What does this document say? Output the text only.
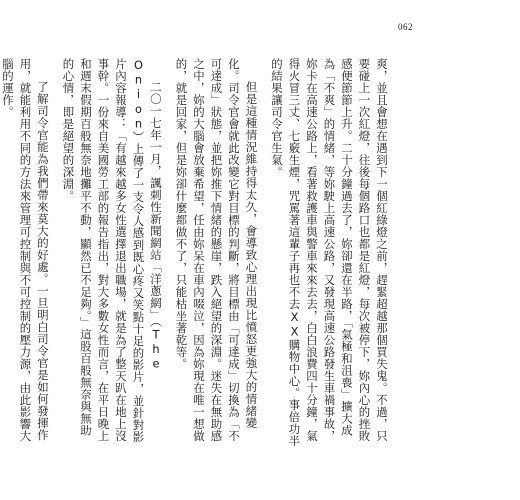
062

爽，並且會想在遇到下一個紅綠燈之前，趕緊超越那個買失鬼。不過，只要碰上一次紅燈，往後每個路口也都是紅燈，每次被停下，妳內心的挫敗感便節節上升。二十分鐘過去了，妳卻還在半路，「氣極和沮喪」擴大成為「不爽」的情緒，等妳駛上高速公路，又發現高速公路發生車禍事故，妳卡在高速公路上，看著救護車與警車來來去去，白白浪費四十分鐘，氣得火冒三丈、七竅生煙，咒罵著這輩子再也不去XX購物中心。事倍功半的結果讓司令官生氣。

但是這種情況維持得太久，會導致心理出現比憤怒更強大的情緒變化。司令官會就此改變它對目標的判斷，將目標由「可達成」切換為「不可達成」狀態，並把妳推下情緒的懸崖，跌入絕望的深淵。迷失在無助感之中，妳的大腦會放棄希望，任由妳呆在車內啜泣，因為妳現在唯一想做的，就是回家，但是妳卻什麼都做不了，只能枯坐著乾等。

二〇一七年一月，諷刺性新聞網站「洋蔥網」（The Onion）上傳了一支令人感到既心疼又笑點十足的影片，並針對影片內容報導：「有越來越多女性選擇退出職場，就是為了整天趴在地上沒事幹。一份來自美國勞工部的報告指出，對大多數女性而言，在平日晚上和週末假期百般無奈地攤平不動，顯然已不足夠。」這股百般無奈與無助的心情，即是絕望的深淵。

了解司令官能為我們帶來莫大的好處。一旦明白司令官是如何發揮作用，就能利用不同的方法來管理可控制與不可控制的壓力源，由此影響大腦的運作。
